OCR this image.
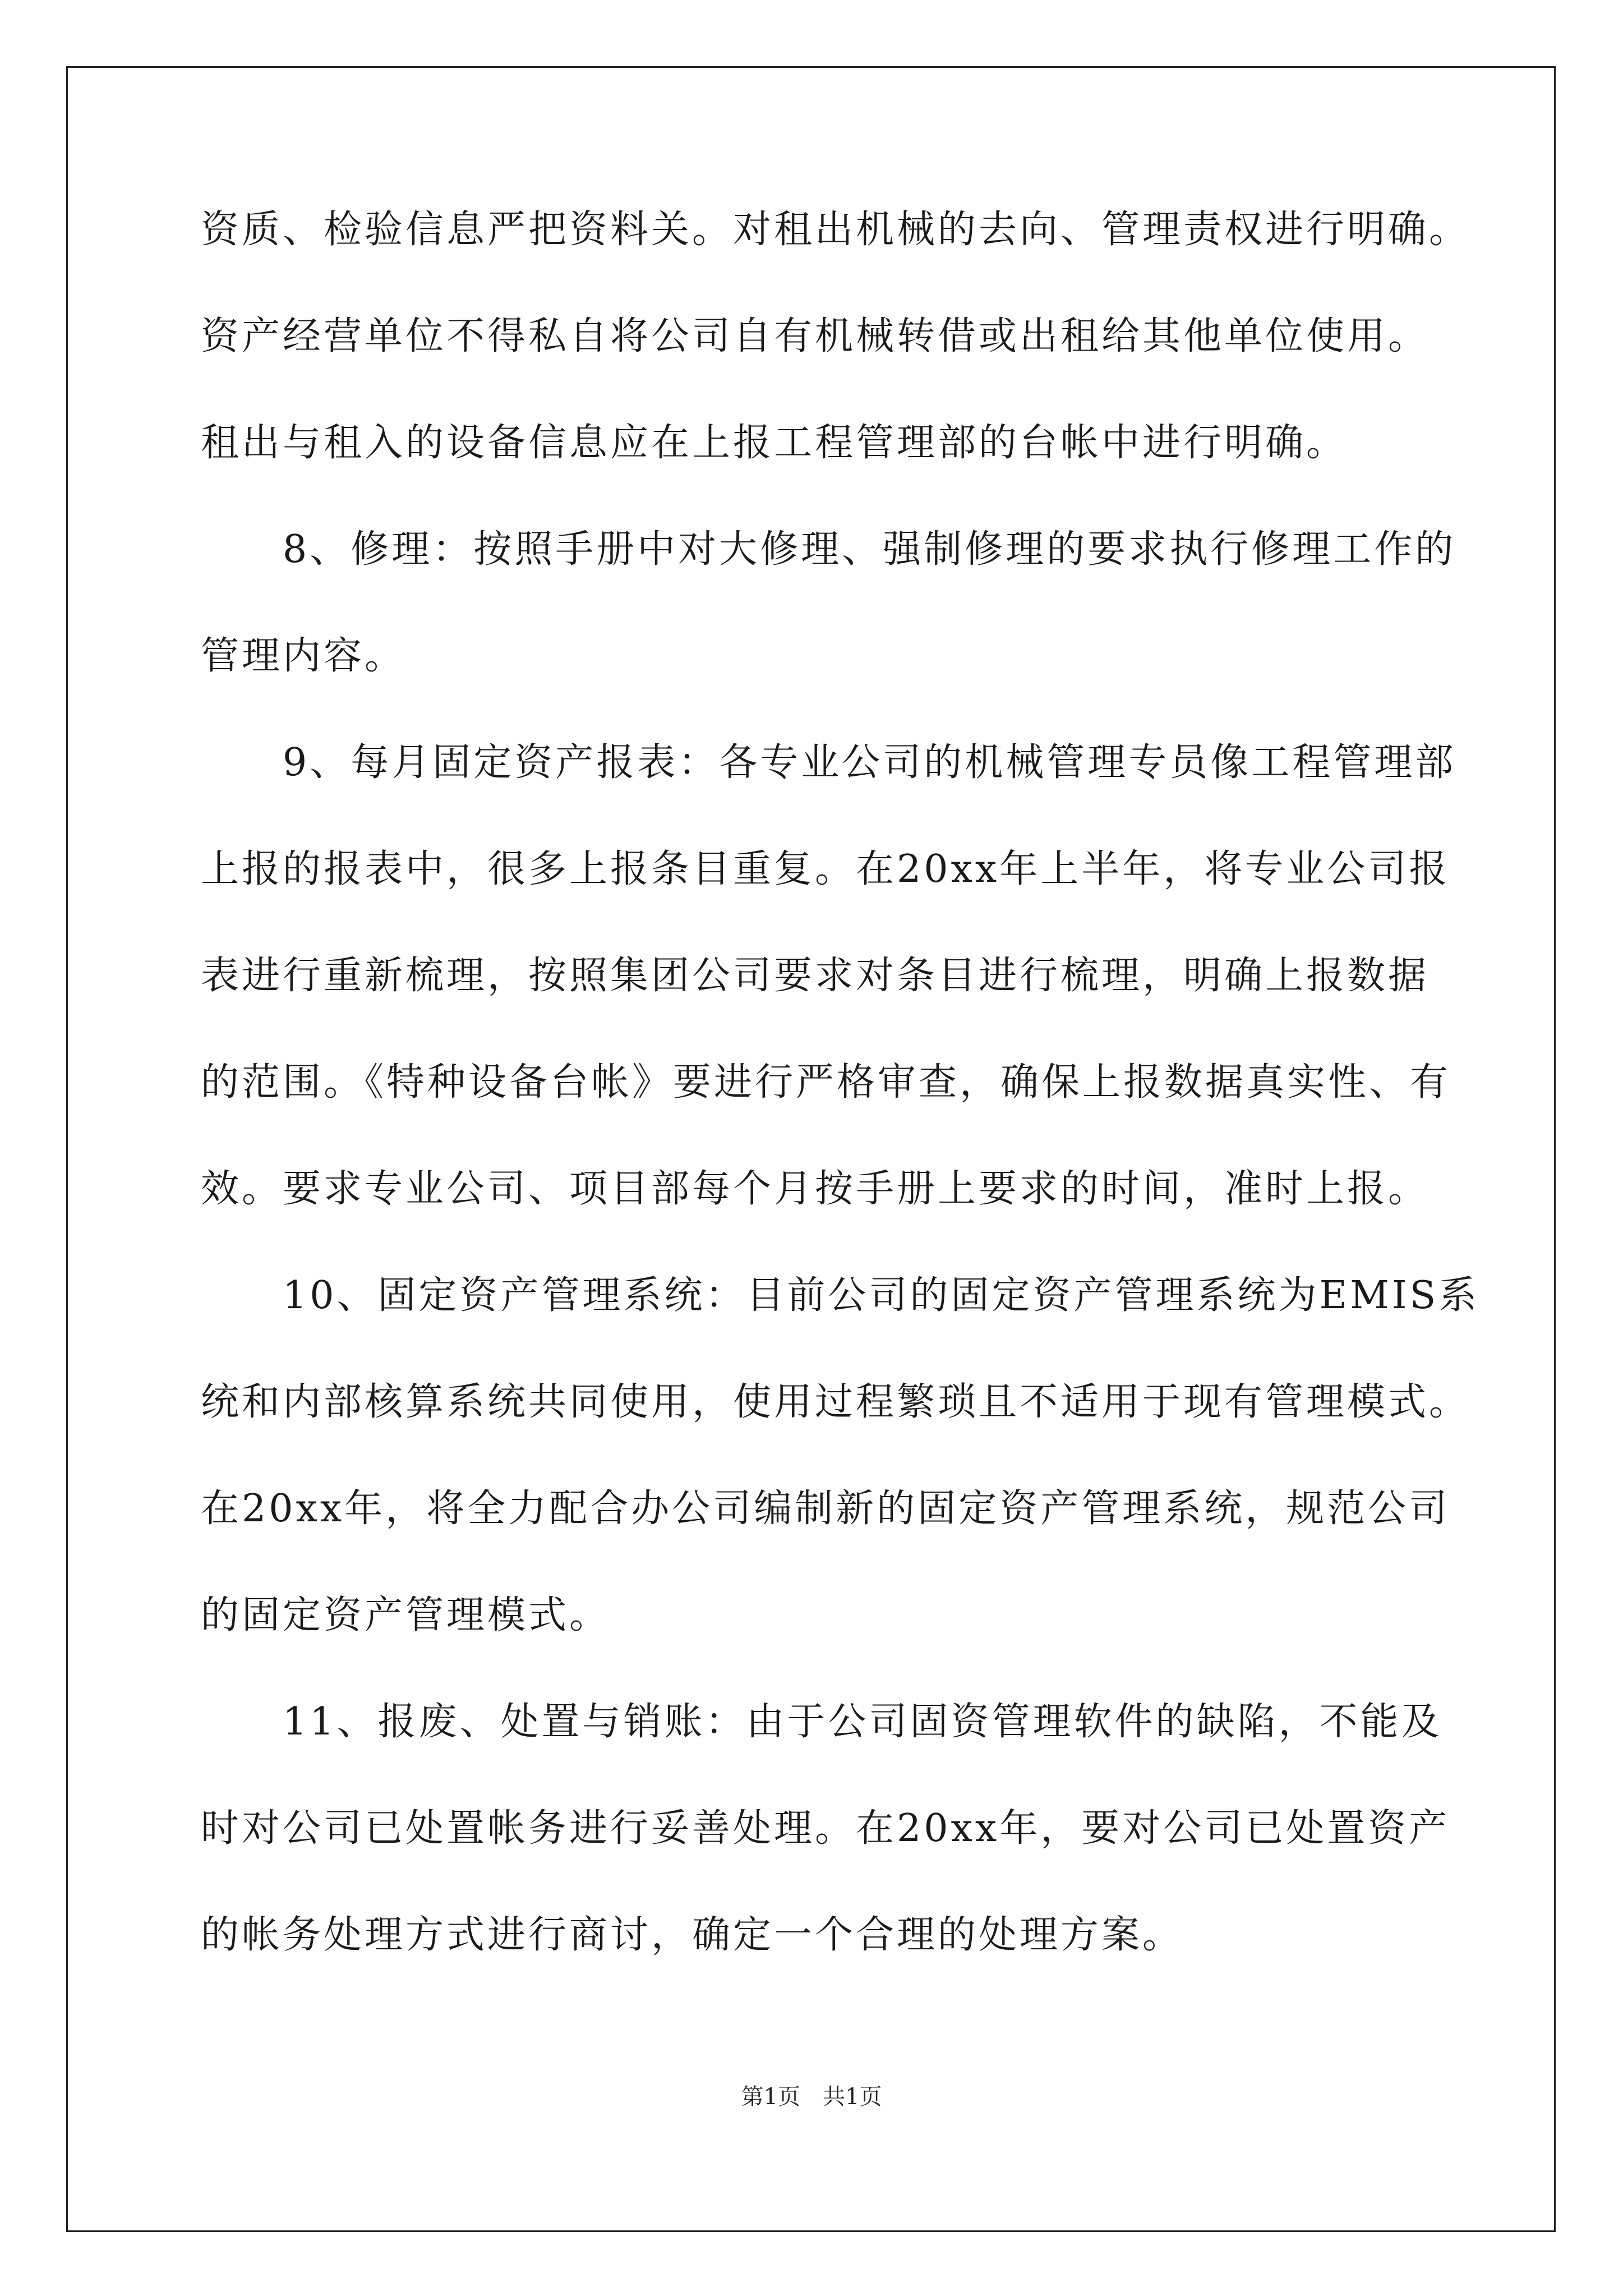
资质、检验信息严把资料关。对租出机械的去向、管理责权进行明确。
资产经营单位不得私自将公司自有机械转借或出租给其他单位使用。
租出与租入的设备信息应在上报工程管理部的台帐中进行明确。
　　8、修理：按照手册中对大修理、强制修理的要求执行修理工作的
管理内容。
　　9、每月固定资产报表：各专业公司的机械管理专员像工程管理部
上报的报表中，很多上报条目重复。在20xx年上半年，将专业公司报
表进行重新梳理，按照集团公司要求对条目进行梳理，明确上报数据
的范围。《特种设备台帐》要进行严格审查，确保上报数据真实性、有
效。要求专业公司、项目部每个月按手册上要求的时间，准时上报。
　　10、固定资产管理系统：目前公司的固定资产管理系统为EMIS系
统和内部核算系统共同使用，使用过程繁琐且不适用于现有管理模式。
在20xx年，将全力配合办公司编制新的固定资产管理系统，规范公司
的固定资产管理模式。
　　11、报废、处置与销账：由于公司固资管理软件的缺陷，不能及
时对公司已处置帐务进行妥善处理。在20xx年，要对公司已处置资产
的帐务处理方式进行商讨，确定一个合理的处理方案。
第1页　共1页
